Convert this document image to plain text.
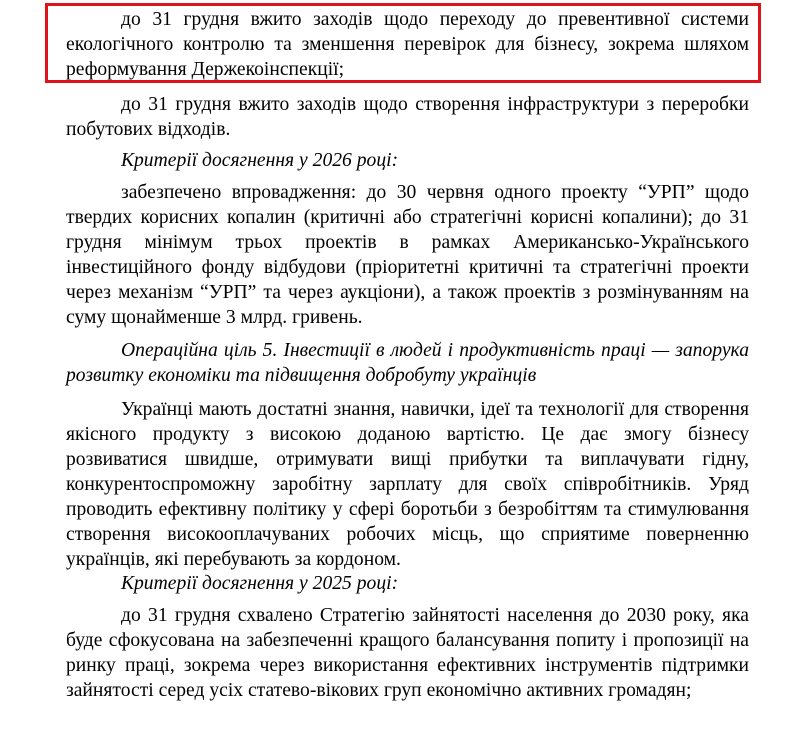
до 31 грудня вжито заходів щодо переходу до превентивної системи екологічного контролю та зменшення перевірок для бізнесу, зокрема шляхом реформування Держекоінспекції;

до 31 грудня вжито заходів щодо створення інфраструктури з переробки побутових відходів.

Критерії досягнення у 2026 році:

забезпечено впровадження: до 30 червня одного проекту “УРП” щодо твердих корисних копалин (критичні або стратегічні корисні копалини); до 31 грудня мінімум трьох проектів в рамках Американсько-Українського інвестиційного фонду відбудови (пріоритетні критичні та стратегічні проекти через механізм “УРП” та через аукціони), а також проектів з розмінуванням на суму щонайменше 3 млрд. гривень.

Операційна ціль 5. Інвестиції в людей і продуктивність праці — запорука розвитку економіки та підвищення добробуту українців

Українці мають достатні знання, навички, ідеї та технології для створення якісного продукту з високою доданою вартістю. Це дає змогу бізнесу розвиватися швидше, отримувати вищі прибутки та виплачувати гідну, конкурентоспроможну заробітну зарплату для своїх співробітників. Уряд проводить ефективну політику у сфері боротьби з безробіттям та стимулювання створення високооплачуваних робочих місць, що сприятиме поверненню українців, які перебувають за кордоном.

Критерії досягнення у 2025 році:

до 31 грудня схвалено Стратегію зайнятості населення до 2030 року, яка буде сфокусована на забезпеченні кращого балансування попиту і пропозиції на ринку праці, зокрема через використання ефективних інструментів підтримки зайнятості серед усіх статево-вікових груп економічно активних громадян;
